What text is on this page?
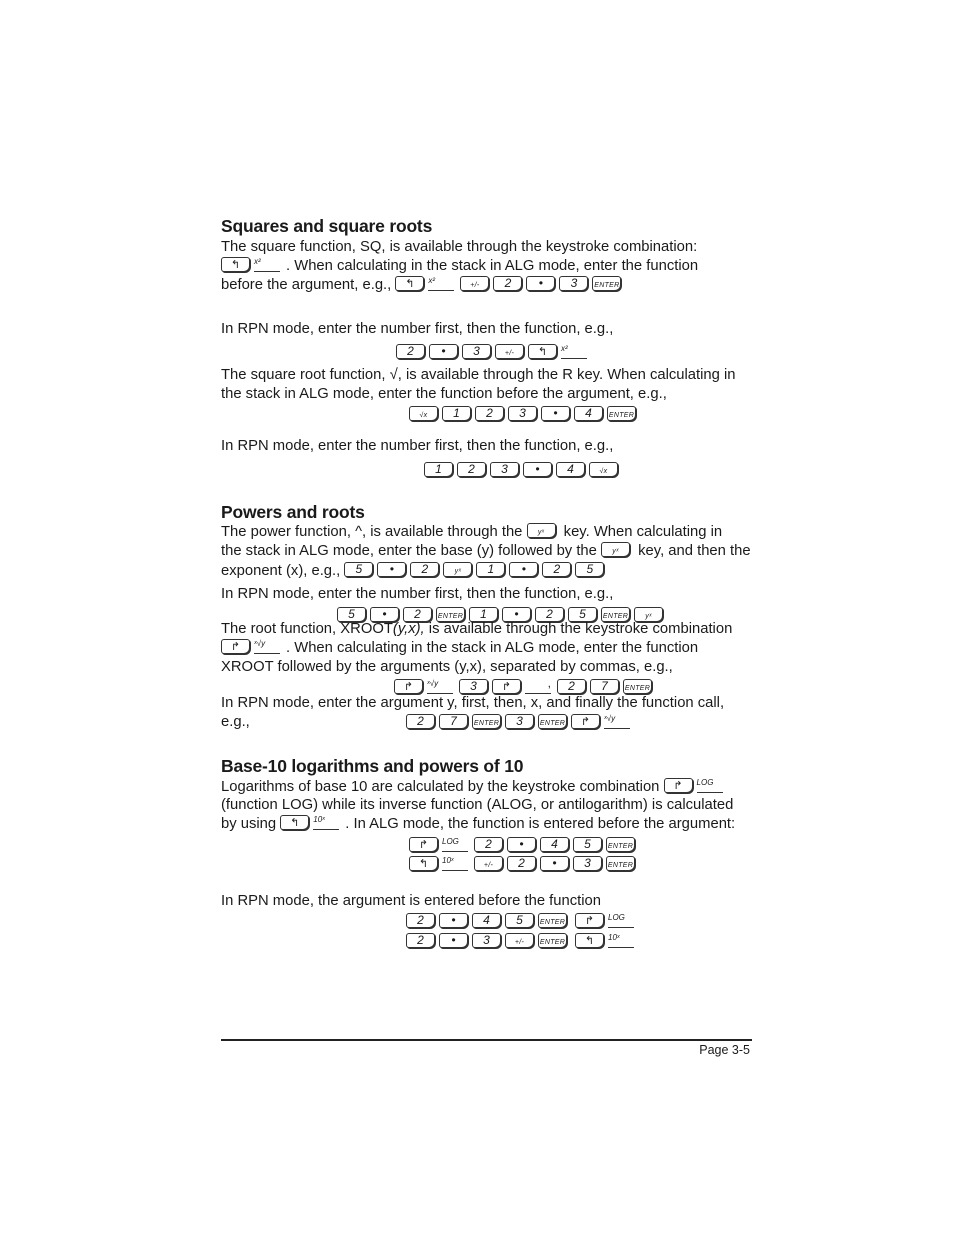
Squares and square roots
The square function, SQ, is available through the keystroke combination:
↰ x² . When calculating in the stack in ALG mode, enter the function
before the argument, e.g., ↰ x²+/- 2 • 3 ENTER
In RPN mode, enter the number first, then the function, e.g.,
2 • 3	+/- ↰ x²
The square root function, √, is available through the R key. When calculating in
the stack in ALG mode, enter the function before the argument, e.g.,
√x 1 2 3 • 4 ENTER
In RPN mode, enter the number first, then the function, e.g.,
1 2 3 • 4	√x
Powers and roots
The power function, ^, is available through the yˣ key. When calculating in
the stack in ALG mode, enter the base (y) followed by the yˣ key, and then the
exponent (x), e.g., 5 • 2	yˣ 1 • 2 5
In RPN mode, enter the number first, then the function, e.g.,
5 • 2 ENTER 1 • 2 5 ENTER yˣ
The root function, XROOT(y,x), is available through the keystroke combination
↱ ˣ√y . When calculating in the stack in ALG mode, enter the function
XROOT followed by the arguments (y,x), separated by commas, e.g.,
↱ ˣ√y	3 ↱	, 2 7 ENTER
In RPN mode, enter the argument y, first, then, x, and finally the function call,
e.g.,	2 7 ENTER 3 ENTER ↱ ˣ√y
Base-10 logarithms and powers of 10
Logarithms of base 10 are calculated by the keystroke combination ↱ LOG
(function LOG) while its inverse function (ALOG, or antilogarithm) is calculated
by using ↰ 10ˣ . In ALG mode, the function is entered before the argument:
↱ LOG 2 • 4 5 ENTER
↰ 10ˣ+/- 2 • 3 ENTER
In RPN mode, the argument is entered before the function
2 • 4 5 ENTER ↱ LOG
2 • 3	+/- ENTER ↰ 10ˣ
Page 3-5
